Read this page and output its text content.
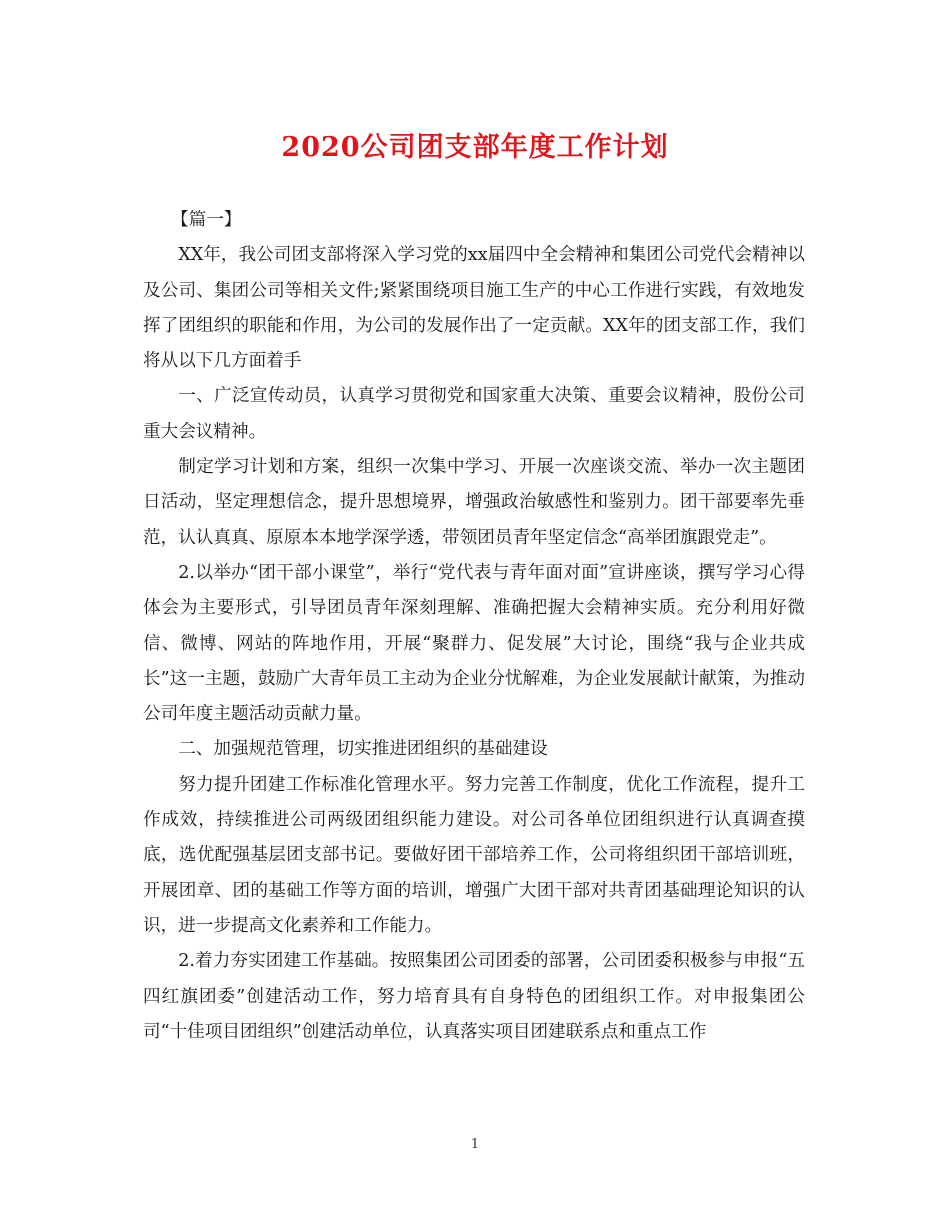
2020公司团支部年度工作计划

【篇一】

XX年，我公司团支部将深入学习党的xx届四中全会精神和集团公司党代会精神以及公司、集团公司等相关文件;紧紧围绕项目施工生产的中心工作进行实践，有效地发挥了团组织的职能和作用，为公司的发展作出了一定贡献。XX年的团支部工作，我们将从以下几方面着手

一、广泛宣传动员，认真学习贯彻党和国家重大决策、重要会议精神，股份公司重大会议精神。

制定学习计划和方案，组织一次集中学习、开展一次座谈交流、举办一次主题团日活动，坚定理想信念，提升思想境界，增强政治敏感性和鉴别力。团干部要率先垂范，认认真真、原原本本地学深学透，带领团员青年坚定信念“高举团旗跟党走”。

2.以举办“团干部小课堂”，举行“党代表与青年面对面”宣讲座谈，撰写学习心得体会为主要形式，引导团员青年深刻理解、准确把握大会精神实质。充分利用好微信、微博、网站的阵地作用，开展“聚群力、促发展”大讨论，围绕“我与企业共成长”这一主题，鼓励广大青年员工主动为企业分忧解难，为企业发展献计献策，为推动公司年度主题活动贡献力量。

二、加强规范管理，切实推进团组织的基础建设

努力提升团建工作标准化管理水平。努力完善工作制度，优化工作流程，提升工作成效，持续推进公司两级团组织能力建设。对公司各单位团组织进行认真调查摸底，选优配强基层团支部书记。要做好团干部培养工作，公司将组织团干部培训班，开展团章、团的基础工作等方面的培训，增强广大团干部对共青团基础理论知识的认识，进一步提高文化素养和工作能力。

2.着力夯实团建工作基础。按照集团公司团委的部署，公司团委积极参与申报“五四红旗团委”创建活动工作，努力培育具有自身特色的团组织工作。对申报集团公司“十佳项目团组织”创建活动单位，认真落实项目团建联系点和重点工作

1
